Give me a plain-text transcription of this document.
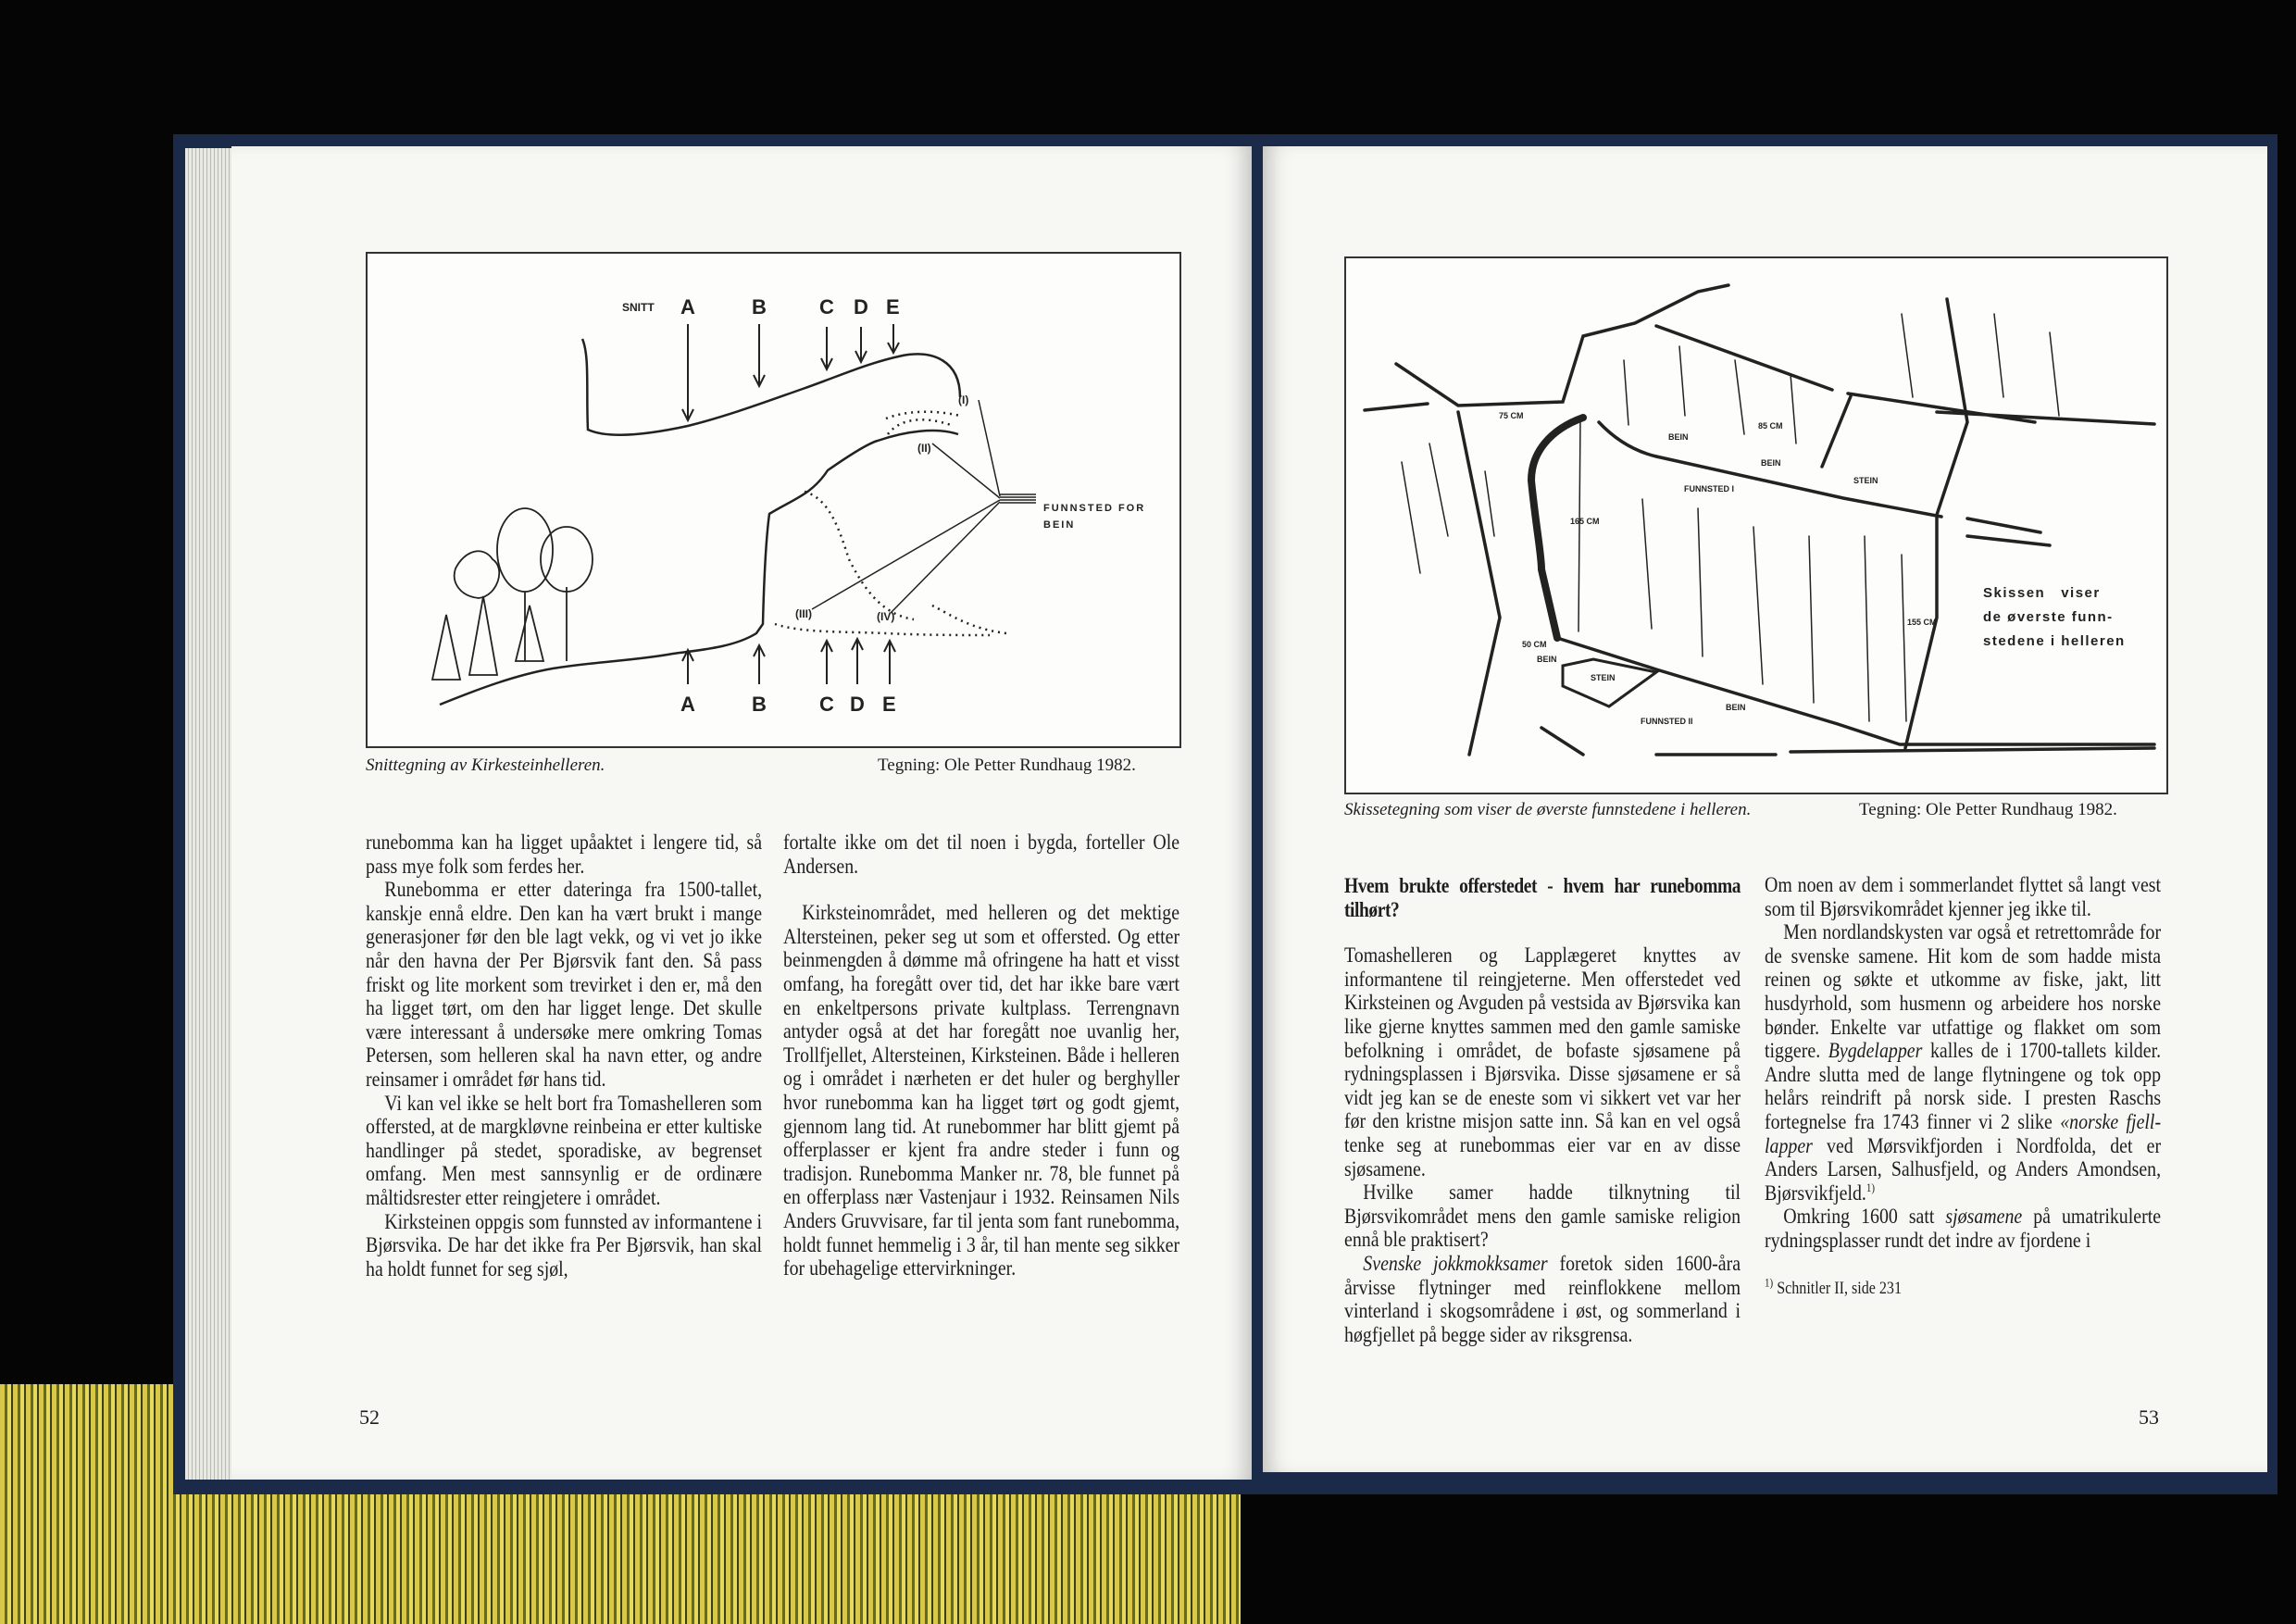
SNITT A	B	C D E
(I)
(II)
(III)	(IV)
FUNNSTED FOR
BEIN
A	B	C D E
Snittegning av Kirkesteinhelleren.	Tegning: Ole Petter Rundhaug 1982.

runebomma kan ha ligget upåaktet i lengere tid, så pass mye folk som ferdes her.

Runebomma er etter dateringa fra 1500-tallet, kanskje ennå eldre. Den kan ha vært brukt i mange generasjoner før den ble lagt vekk, og vi vet jo ikke når den havna der Per Bjørsvik fant den. Så pass friskt og lite morkent som trevirket i den er, må den ha ligget tørt, om den har ligget lenge. Det skulle være interessant å undersøke mere omkring Tomas Petersen, som helleren skal ha navn etter, og andre reinsamer i området før hans tid.

Vi kan vel ikke se helt bort fra Tomashelleren som offersted, at de margkløvne reinbeina er etter kultiske handlinger på stedet, sporadiske, av begrenset omfang. Men mest sannsynlig er de ordinære måltidsrester etter reingjetere i området.

Kirksteinen oppgis som funnsted av informantene i Bjørsvika. De har det ikke fra Per Bjørsvik, han skal ha holdt funnet for seg sjøl,

fortalte ikke om det til noen i bygda, forteller Ole Andersen.

Kirksteinområdet, med helleren og det mektige Altersteinen, peker seg ut som et offersted. Og etter beinmengden å dømme må ofringene ha hatt et visst omfang, ha foregått over tid, det har ikke bare vært en enkeltpersons private kultplass. Terrengnavn antyder også at det har foregått noe uvanlig her, Trollfjellet, Altersteinen, Kirksteinen. Både i helleren og i området i nærheten er det huler og berghyller hvor runebomma kan ha ligget tørt og godt gjemt, gjennom lang tid. At runebommer har blitt gjemt på offerplasser er kjent fra andre steder i funn og tradisjon. Runebomma Manker nr. 78, ble funnet på en offerplass nær Vastenjaur i 1932. Reinsamen Nils Anders Gruvvisare, far til jenta som fant runebomma, holdt funnet hemmelig i 3 år, til han mente seg sikker for ubehagelige ettervirkninger.

52
75 CM
85 CM
BEIN
BEIN
STEIN
FUNNSTED I
165 CM
155 CM
50 CM
BEIN
STEIN
FUNNSTED II
BEIN
Skissen   viser
de øverste funn-
stedene i helleren
Skissetegning som viser de øverste funnstedene i helleren.	Tegning: Ole Petter Rundhaug 1982.
Hvem brukte offerstedet - hvem har runebomma tilhørt?

Tomashelleren og Lapplægeret knyttes av informantene til reingjeterne. Men offerstedet ved Kirksteinen og Avguden på vestsida av Bjørsvika kan like gjerne knyttes sammen med den gamle samiske befolkning i området, de bofaste sjøsamene på rydningsplassen i Bjørsvika. Disse sjøsamene er så vidt jeg kan se de eneste som vi sikkert vet var her før den kristne misjon satte inn. Så kan en vel også tenke seg at runebommas eier var en av disse sjøsamene.

Hvilke samer hadde tilknytning til Bjørsvikområdet mens den gamle samiske religion ennå ble praktisert?

Svenske jokkmokksamer foretok siden 1600-åra årvisse flytninger med reinflokkene mellom vinterland i skogsområdene i øst, og sommerland i høgfjellet på begge sider av riksgrensa.

Om noen av dem i sommerlandet flyttet så langt vest som til Bjørsvikområdet kjenner jeg ikke til.

Men nordlandskysten var også et retrettområde for de svenske samene. Hit kom de som hadde mista reinen og søkte et utkomme av fiske, jakt, litt husdyrhold, som husmenn og arbeidere hos norske bønder. Enkelte var utfattige og flakket om som tiggere. Bygdelapper kalles de i 1700-tallets kilder. Andre slutta med de lange flytningene og tok opp helårs reindrift på norsk side. I presten Raschs fortegnelse fra 1743 finner vi 2 slike «norske fjell-lapper ved Mørsvikfjorden i Nordfolda, det er Anders Larsen, Salhusfjeld, og Anders Amondsen, Bjørsvikfjeld.$^{1)}$

Omkring 1600 satt sjøsamene på umatrikulerte rydningsplasser rundt det indre av fjordene i

$^{1)}$ Schnitler II, side 231
53
